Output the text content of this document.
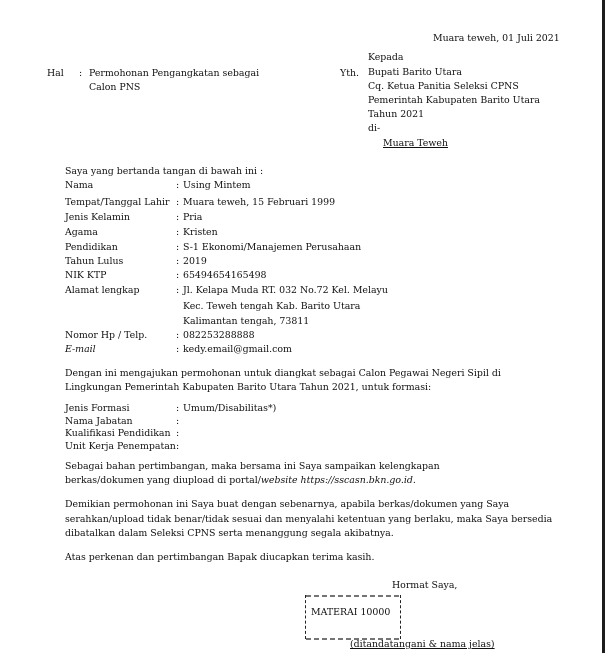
Muara teweh, 01 Juli 2021
Hal : Permohonan Pengangkatan sebagai
Calon PNS
Yth.
Kepada
Bupati Barito Utara
Cq. Ketua Panitia Seleksi CPNS
Pemerintah Kabupaten Barito Utara
Tahun 2021
di-
Muara Teweh
Saya yang bertanda tangan di bawah ini :
Nama	: Using Mintem
Tempat/Tanggal Lahir : Muara teweh, 15 Februari 1999
Jenis Kelamin	: Pria
Agama	: Kristen
Pendidikan	: S-1 Ekonomi/Manajemen Perusahaan
Tahun Lulus	: 2019
NIK KTP	: 65494654165498
Alamat lengkap	: Jl. Kelapa Muda RT. 032 No.72 Kel. Melayu
Kec. Teweh tengah Kab. Barito Utara
Kalimantan tengah, 73811
Nomor Hp / Telp.	: 082253288888
E-mail	: kedy.email@gmail.com
Dengan ini mengajukan permohonan untuk diangkat sebagai Calon Pegawai Negeri Sipil di
Lingkungan Pemerintah Kabupaten Barito Utara Tahun 2021, untuk formasi:
Jenis Formasi	: Umum/Disabilitas*)
Nama Jabatan	:
Kualifikasi Pendidikan :
Unit Kerja Penempatan :
Sebagai bahan pertimbangan, maka bersama ini Saya sampaikan kelengkapan
berkas/dokumen yang diupload di portal/website https://sscasn.bkn.go.id.
Demikian permohonan ini Saya buat dengan sebenarnya, apabila berkas/dokumen yang Saya
serahkan/upload tidak benar/tidak sesuai dan menyalahi ketentuan yang berlaku, maka Saya bersedia
dibatalkan dalam Seleksi CPNS serta menanggung segala akibatnya.
Atas perkenan dan pertimbangan Bapak diucapkan terima kasih.
Hormat Saya,
MATERAI 10000
(ditandatangani & nama jelas)
